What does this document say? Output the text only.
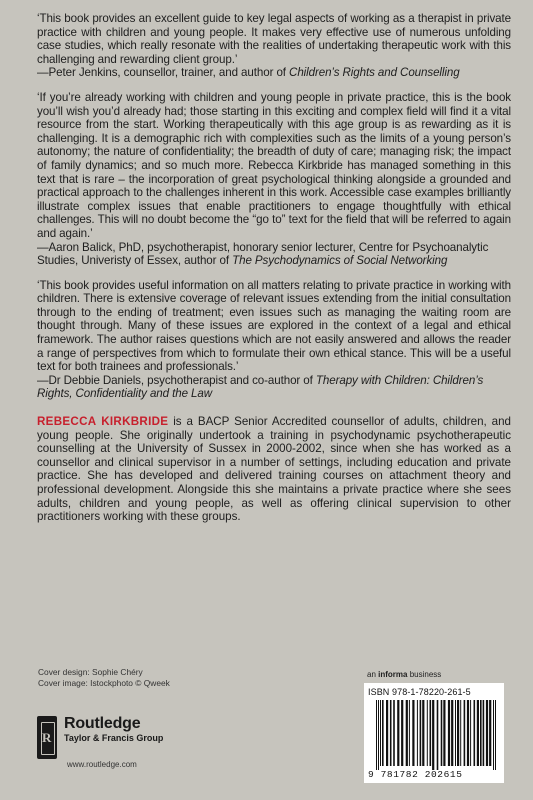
‘This book provides an excellent guide to key legal aspects of working as a therapist in private practice with children and young people. It makes very effective use of numerous unfolding case studies, which really resonate with the realities of undertaking therapeutic work with this challenging and rewarding client group.’

—Peter Jenkins, counsellor, trainer, and author of Children’s Rights and Counselling

‘If you’re already working with children and young people in private practice, this is the book you’ll wish you’d already had; those starting in this exciting and complex field will find it a vital resource from the start. Working therapeutically with this age group is as rewarding as it is challenging. It is a demographic rich with complexities such as the limits of a young person’s autonomy; the nature of confidentiality; the breadth of duty of care; managing risk; the impact of family dynamics; and so much more. Rebecca Kirkbride has managed something in this text that is rare – the incorporation of great psychological thinking alongside a grounded and practical approach to the challenges inherent in this work. Accessible case examples brilliantly illustrate complex issues that enable practitioners to engage thoughtfully with ethical challenges. This will no doubt become the “go to” text for the field that will be referred to again and again.’

—Aaron Balick, PhD, psychotherapist, honorary senior lecturer, Centre for Psychoanalytic Studies, Univeristy of Essex, author of The Psychodynamics of Social Networking

‘This book provides useful information on all matters relating to private practice in working with children. There is extensive coverage of relevant issues extending from the initial consultation through to the ending of treatment; even issues such as managing the waiting room are thought through. Many of these issues are explored in the context of a legal and ethical framework. The author raises questions which are not easily answered and allows the reader a range of perspectives from which to formulate their own ethical stance. This will be a useful text for both trainees and professionals.’

—Dr Debbie Daniels, psychotherapist and co-author of Therapy with Children: Children’s Rights, Confidentiality and the Law

REBECCA KIRKBRIDE is a BACP Senior Accredited counsellor of adults, children, and young people. She originally undertook a training in psychodynamic psychotherapeutic counselling at the University of Sussex in 2000-2002, since when she has worked as a counsellor and clinical supervisor in a number of settings, including education and private practice. She has developed and delivered training courses on attachment theory and professional development. Alongside this she maintains a private practice where she sees adults, children and young people, as well as offering clinical supervision to other practitioners working with these groups.
Cover design: Sophie Chéry
Cover image: Istockphoto © Qweek
R
Routledge
Taylor & Francis Group
www.routledge.com
an informa business
ISBN 978-1-78220-261-5
9 781782 202615
